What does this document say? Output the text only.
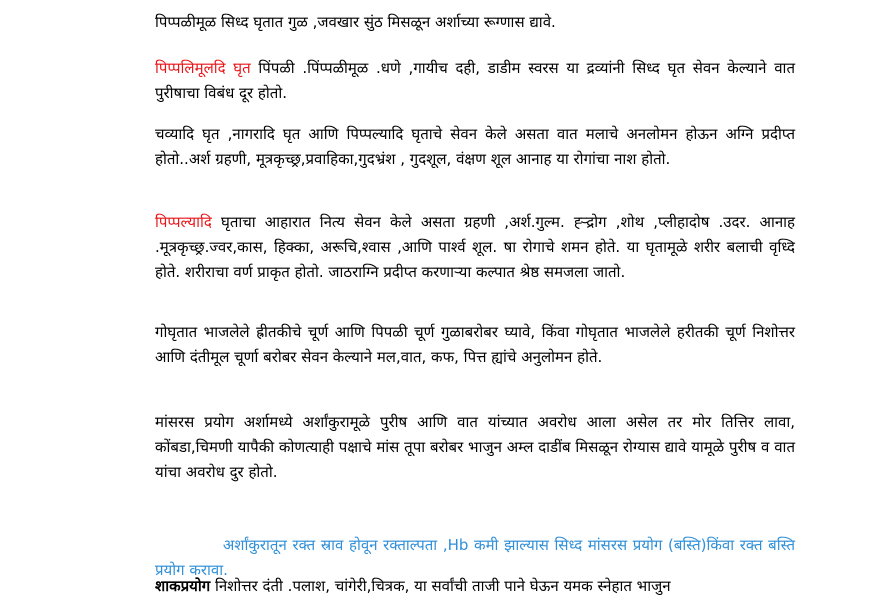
पिप्पळीमूळ सिध्द घृतात गुळ ,जवखार सुंठ मिसळून अर्शाच्या रूग्णास द्यावे.

पिप्पलिमूलदि घृत पिंपळी .पिंप्पळीमूळ .धणे ,गायीच दही, डाडीम स्वरस या द्रव्यांनी सिध्द घृत सेवन केल्याने वात पुरीषाचा विबंध दूर होतो.

चव्यादि घृत ,नागरादि घृत आणि पिप्पल्यादि घृताचे सेवन केले असता वात मलाचे अनलोमन होऊन अग्नि प्रदीप्त होतो..अर्श ग्रहणी, मूत्रकृच्छ्र,प्रवाहिका,गुदभ्रंश , गुदशूल, वंक्षण शूल आनाह या रोगांचा नाश होतो.

पिप्पल्यादि घृताचा आहारात नित्य सेवन केले असता ग्रहणी ,अर्श.गुल्म. ह्ऱ्द्रोग ,शोथ ,प्लीहादोष .उदर. आनाह .मूत्रकृच्छ्र.ज्वर,कास, हिक्का, अरूचि,श्वास ,आणि पार्श्व शूल. षा रोगाचे शमन होते. या घृतामूळे शरीर बलाची वृध्दि होते. शरीराचा वर्ण प्राकृत होतो. जाठराग्नि प्रदीप्त करणाऱ्या कल्पात श्रेष्ठ समजला जातो.

गोघृतात भाजलेले ह्रीतकीचे चूर्ण आणि पिपळी चूर्ण गुळाबरोबर घ्यावे, किंवा गोघृतात भाजलेले हरीतकी चूर्ण निशोत्तर आणि दंतीमूल चूर्णा बरोबर सेवन केल्याने मल,वात, कफ, पित्त ह्यांचे अनुलोमन होते.

मांसरस प्रयोग अर्शामध्ये अर्शांकुरामूळे पुरीष आणि वात यांच्यात अवरोध आला असेल तर मोर तित्तिर लावा, कोंबडा,चिमणी यापैकी कोणत्याही पक्षाचे मांस तूपा बरोबर भाजुन अम्ल दाडींब मिसळून रोग्यास द्यावे यामूळे पुरीष व वात यांचा अवरोध दुर होतो.

अर्शांकुरातून रक्त स्राव होवून रक्ताल्पता ,Hb कमी झाल्यास सिध्द मांसरस प्रयोग (बस्ति)किंवा रक्त बस्ति प्रयोग करावा.

शाकप्रयोग निशोत्तर दंती .पलाश, चांगेरी,चित्रक, या सर्वांची ताजी पाने घेऊन यमक स्नेहात भाजुन
